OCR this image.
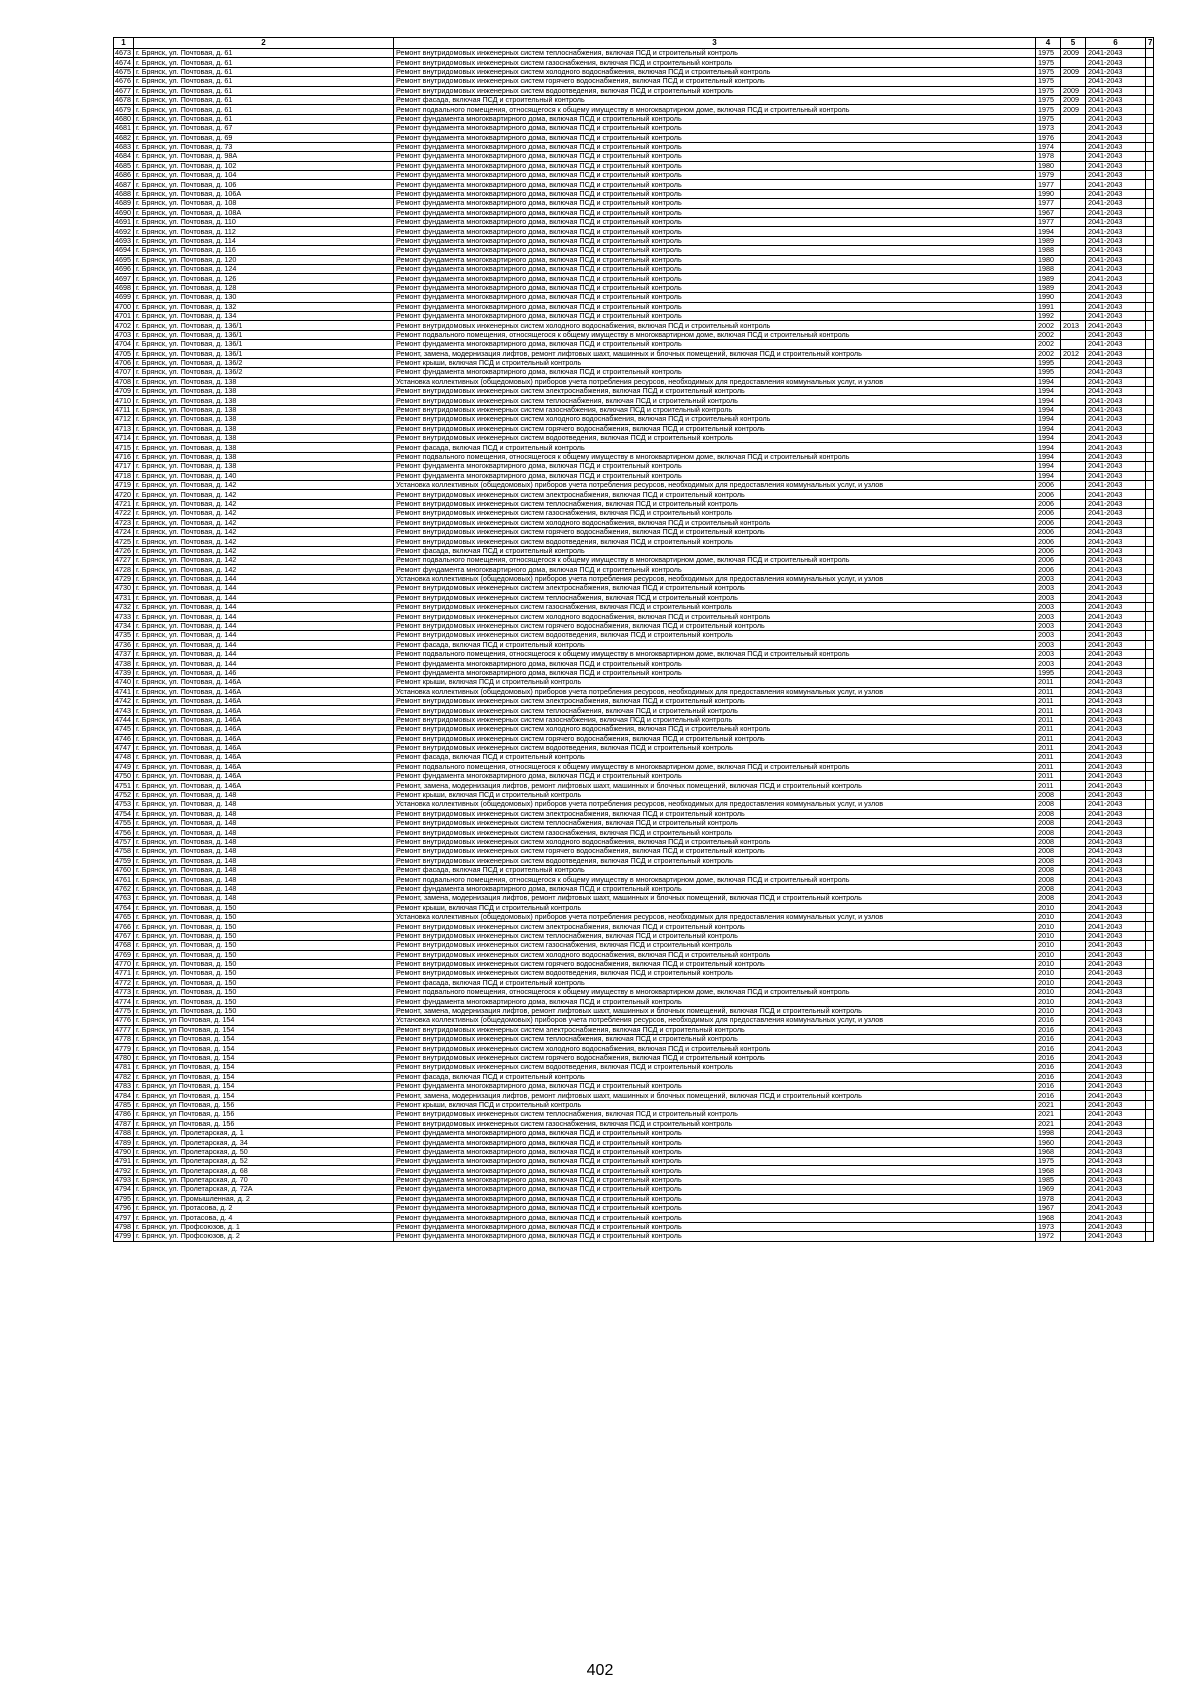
1	2	3	4	5	6	7
4673	г. Брянск, ул. Почтовая, д. 61	Ремонт внутридомовых инженерных систем теплоснабжения, включая ПСД и строительный контроль	1975	2009	2041-2043	
4674	г. Брянск, ул. Почтовая, д. 61	Ремонт внутридомовых инженерных систем газоснабжения, включая ПСД и строительный контроль	1975		2041-2043	
4675	г. Брянск, ул. Почтовая, д. 61	Ремонт внутридомовых инженерных систем холодного водоснабжения, включая ПСД и строительный контроль	1975	2009	2041-2043	
4676	г. Брянск, ул. Почтовая, д. 61	Ремонт внутридомовых инженерных систем горячего водоснабжения, включая ПСД и строительный контроль	1975		2041-2043	
4677	г. Брянск, ул. Почтовая, д. 61	Ремонт внутридомовых инженерных систем водоотведения, включая ПСД и строительный контроль	1975	2009	2041-2043	
4678	г. Брянск, ул. Почтовая, д. 61	Ремонт фасада, включая ПСД и строительный контроль	1975	2009	2041-2043	
4679	г. Брянск, ул. Почтовая, д. 61	Ремонт подвального помещения, относящегося к общему имуществу в многоквартирном доме, включая ПСД и строительный контроль	1975	2009	2041-2043	
4680	г. Брянск, ул. Почтовая, д. 61	Ремонт фундамента многоквартирного дома, включая ПСД и строительный контроль	1975		2041-2043	
4681	г. Брянск, ул. Почтовая, д. 67	Ремонт фундамента многоквартирного дома, включая ПСД и строительный контроль	1973		2041-2043	
4682	г. Брянск, ул. Почтовая, д. 69	Ремонт фундамента многоквартирного дома, включая ПСД и строительный контроль	1976		2041-2043	
4683	г. Брянск, ул. Почтовая, д. 73	Ремонт фундамента многоквартирного дома, включая ПСД и строительный контроль	1974		2041-2043	
4684	г. Брянск, ул. Почтовая, д. 98А	Ремонт фундамента многоквартирного дома, включая ПСД и строительный контроль	1978		2041-2043	
4685	г. Брянск, ул. Почтовая, д. 102	Ремонт фундамента многоквартирного дома, включая ПСД и строительный контроль	1980		2041-2043	
4686	г. Брянск, ул. Почтовая, д. 104	Ремонт фундамента многоквартирного дома, включая ПСД и строительный контроль	1979		2041-2043	
4687	г. Брянск, ул. Почтовая, д. 106	Ремонт фундамента многоквартирного дома, включая ПСД и строительный контроль	1977		2041-2043	
4688	г. Брянск, ул. Почтовая, д. 106А	Ремонт фундамента многоквартирного дома, включая ПСД и строительный контроль	1990		2041-2043	
4689	г. Брянск, ул. Почтовая, д. 108	Ремонт фундамента многоквартирного дома, включая ПСД и строительный контроль	1977		2041-2043	
4690	г. Брянск, ул. Почтовая, д. 108А	Ремонт фундамента многоквартирного дома, включая ПСД и строительный контроль	1967		2041-2043	
4691	г. Брянск, ул. Почтовая, д. 110	Ремонт фундамента многоквартирного дома, включая ПСД и строительный контроль	1977		2041-2043	
4692	г. Брянск, ул. Почтовая, д. 112	Ремонт фундамента многоквартирного дома, включая ПСД и строительный контроль	1994		2041-2043	
4693	г. Брянск, ул. Почтовая, д. 114	Ремонт фундамента многоквартирного дома, включая ПСД и строительный контроль	1989		2041-2043	
4694	г. Брянск, ул. Почтовая, д. 116	Ремонт фундамента многоквартирного дома, включая ПСД и строительный контроль	1988		2041-2043	
4695	г. Брянск, ул. Почтовая, д. 120	Ремонт фундамента многоквартирного дома, включая ПСД и строительный контроль	1980		2041-2043	
4696	г. Брянск, ул. Почтовая, д. 124	Ремонт фундамента многоквартирного дома, включая ПСД и строительный контроль	1988		2041-2043	
4697	г. Брянск, ул. Почтовая, д. 126	Ремонт фундамента многоквартирного дома, включая ПСД и строительный контроль	1989		2041-2043	
4698	г. Брянск, ул. Почтовая, д. 128	Ремонт фундамента многоквартирного дома, включая ПСД и строительный контроль	1989		2041-2043	
4699	г. Брянск, ул. Почтовая, д. 130	Ремонт фундамента многоквартирного дома, включая ПСД и строительный контроль	1990		2041-2043	
4700	г. Брянск, ул. Почтовая, д. 132	Ремонт фундамента многоквартирного дома, включая ПСД и строительный контроль	1991		2041-2043	
4701	г. Брянск, ул. Почтовая, д. 134	Ремонт фундамента многоквартирного дома, включая ПСД и строительный контроль	1992		2041-2043	
4702	г. Брянск, ул. Почтовая, д. 136/1	Ремонт внутридомовых инженерных систем холодного водоснабжения, включая ПСД и строительный контроль	2002	2013	2041-2043	
4703	г. Брянск, ул. Почтовая, д. 136/1	Ремонт подвального помещения, относящегося к общему имуществу в многоквартирном доме, включая ПСД и строительный контроль	2002		2041-2043	
4704	г. Брянск, ул. Почтовая, д. 136/1	Ремонт фундамента многоквартирного дома, включая ПСД и строительный контроль	2002		2041-2043	
4705	г. Брянск, ул. Почтовая, д. 136/1	Ремонт, замена, модернизация лифтов, ремонт лифтовых шахт, машинных и блочных помещений, включая ПСД и строительный контроль	2002	2012	2041-2043	
4706	г. Брянск, ул. Почтовая, д. 136/2	Ремонт крыши, включая ПСД и строительный контроль	1995		2041-2043	
4707	г. Брянск, ул. Почтовая, д. 136/2	Ремонт фундамента многоквартирного дома, включая ПСД и строительный контроль	1995		2041-2043	
4708	г. Брянск, ул. Почтовая, д. 138	Установка коллективных (общедомовых) приборов учета потребления ресурсов, необходимых для предоставления коммунальных услуг, и узлов	1994		2041-2043	
4709	г. Брянск, ул. Почтовая, д. 138	Ремонт внутридомовых инженерных систем электроснабжения, включая ПСД и строительный контроль	1994		2041-2043	
4710	г. Брянск, ул. Почтовая, д. 138	Ремонт внутридомовых инженерных систем теплоснабжения, включая ПСД и строительный контроль	1994		2041-2043	
4711	г. Брянск, ул. Почтовая, д. 138	Ремонт внутридомовых инженерных систем газоснабжения, включая ПСД и строительный контроль	1994		2041-2043	
4712	г. Брянск, ул. Почтовая, д. 138	Ремонт внутридомовых инженерных систем холодного водоснабжения, включая ПСД и строительный контроль	1994		2041-2043	
4713	г. Брянск, ул. Почтовая, д. 138	Ремонт внутридомовых инженерных систем горячего водоснабжения, включая ПСД и строительный контроль	1994		2041-2043	
4714	г. Брянск, ул. Почтовая, д. 138	Ремонт внутридомовых инженерных систем водоотведения, включая ПСД и строительный контроль	1994		2041-2043	
4715	г. Брянск, ул. Почтовая, д. 138	Ремонт фасада, включая ПСД и строительный контроль	1994		2041-2043	
4716	г. Брянск, ул. Почтовая, д. 138	Ремонт подвального помещения, относящегося к общему имуществу в многоквартирном доме, включая ПСД и строительный контроль	1994		2041-2043	
4717	г. Брянск, ул. Почтовая, д. 138	Ремонт фундамента многоквартирного дома, включая ПСД и строительный контроль	1994		2041-2043	
4718	г. Брянск, ул. Почтовая, д. 140	Ремонт фундамента многоквартирного дома, включая ПСД и строительный контроль	1994		2041-2043	
4719	г. Брянск, ул. Почтовая, д. 142	Установка коллективных (общедомовых) приборов учета потребления ресурсов, необходимых для предоставления коммунальных услуг, и узлов	2006		2041-2043	
4720	г. Брянск, ул. Почтовая, д. 142	Ремонт внутридомовых инженерных систем электроснабжения, включая ПСД и строительный контроль	2006		2041-2043	
4721	г. Брянск, ул. Почтовая, д. 142	Ремонт внутридомовых инженерных систем теплоснабжения, включая ПСД и строительный контроль	2006		2041-2043	
4722	г. Брянск, ул. Почтовая, д. 142	Ремонт внутридомовых инженерных систем газоснабжения, включая ПСД и строительный контроль	2006		2041-2043	
4723	г. Брянск, ул. Почтовая, д. 142	Ремонт внутридомовых инженерных систем холодного водоснабжения, включая ПСД и строительный контроль	2006		2041-2043	
4724	г. Брянск, ул. Почтовая, д. 142	Ремонт внутридомовых инженерных систем горячего водоснабжения, включая ПСД и строительный контроль	2006		2041-2043	
4725	г. Брянск, ул. Почтовая, д. 142	Ремонт внутридомовых инженерных систем водоотведения, включая ПСД и строительный контроль	2006		2041-2043	
4726	г. Брянск, ул. Почтовая, д. 142	Ремонт фасада, включая ПСД и строительный контроль	2006		2041-2043	
4727	г. Брянск, ул. Почтовая, д. 142	Ремонт подвального помещения, относящегося к общему имуществу в многоквартирном доме, включая ПСД и строительный контроль	2006		2041-2043	
4728	г. Брянск, ул. Почтовая, д. 142	Ремонт фундамента многоквартирного дома, включая ПСД и строительный контроль	2006		2041-2043	
4729	г. Брянск, ул. Почтовая, д. 144	Установка коллективных (общедомовых) приборов учета потребления ресурсов, необходимых для предоставления коммунальных услуг, и узлов	2003		2041-2043	
4730	г. Брянск, ул. Почтовая, д. 144	Ремонт внутридомовых инженерных систем электроснабжения, включая ПСД и строительный контроль	2003		2041-2043	
4731	г. Брянск, ул. Почтовая, д. 144	Ремонт внутридомовых инженерных систем теплоснабжения, включая ПСД и строительный контроль	2003		2041-2043	
4732	г. Брянск, ул. Почтовая, д. 144	Ремонт внутридомовых инженерных систем газоснабжения, включая ПСД и строительный контроль	2003		2041-2043	
4733	г. Брянск, ул. Почтовая, д. 144	Ремонт внутридомовых инженерных систем холодного водоснабжения, включая ПСД и строительный контроль	2003		2041-2043	
4734	г. Брянск, ул. Почтовая, д. 144	Ремонт внутридомовых инженерных систем горячего водоснабжения, включая ПСД и строительный контроль	2003		2041-2043	
4735	г. Брянск, ул. Почтовая, д. 144	Ремонт внутридомовых инженерных систем водоотведения, включая ПСД и строительный контроль	2003		2041-2043	
4736	г. Брянск, ул. Почтовая, д. 144	Ремонт фасада, включая ПСД и строительный контроль	2003		2041-2043	
4737	г. Брянск, ул. Почтовая, д. 144	Ремонт подвального помещения, относящегося к общему имуществу в многоквартирном доме, включая ПСД и строительный контроль	2003		2041-2043	
4738	г. Брянск, ул. Почтовая, д. 144	Ремонт фундамента многоквартирного дома, включая ПСД и строительный контроль	2003		2041-2043	
4739	г. Брянск, ул. Почтовая, д. 146	Ремонт фундамента многоквартирного дома, включая ПСД и строительный контроль	1995		2041-2043	
4740	г. Брянск, ул. Почтовая, д. 146А	Ремонт крыши, включая ПСД и строительный контроль	2011		2041-2043	
4741	г. Брянск, ул. Почтовая, д. 146А	Установка коллективных (общедомовых) приборов учета потребления ресурсов, необходимых для предоставления коммунальных услуг, и узлов	2011		2041-2043	
4742	г. Брянск, ул. Почтовая, д. 146А	Ремонт внутридомовых инженерных систем электроснабжения, включая ПСД и строительный контроль	2011		2041-2043	
4743	г. Брянск, ул. Почтовая, д. 146А	Ремонт внутридомовых инженерных систем теплоснабжения, включая ПСД и строительный контроль	2011		2041-2043	
4744	г. Брянск, ул. Почтовая, д. 146А	Ремонт внутридомовых инженерных систем газоснабжения, включая ПСД и строительный контроль	2011		2041-2043	
4745	г. Брянск, ул. Почтовая, д. 146А	Ремонт внутридомовых инженерных систем холодного водоснабжения, включая ПСД и строительный контроль	2011		2041-2043	
4746	г. Брянск, ул. Почтовая, д. 146А	Ремонт внутридомовых инженерных систем горячего водоснабжения, включая ПСД и строительный контроль	2011		2041-2043	
4747	г. Брянск, ул. Почтовая, д. 146А	Ремонт внутридомовых инженерных систем водоотведения, включая ПСД и строительный контроль	2011		2041-2043	
4748	г. Брянск, ул. Почтовая, д. 146А	Ремонт фасада, включая ПСД и строительный контроль	2011		2041-2043	
4749	г. Брянск, ул. Почтовая, д. 146А	Ремонт подвального помещения, относящегося к общему имуществу в многоквартирном доме, включая ПСД и строительный контроль	2011		2041-2043	
4750	г. Брянск, ул. Почтовая, д. 146А	Ремонт фундамента многоквартирного дома, включая ПСД и строительный контроль	2011		2041-2043	
4751	г. Брянск, ул. Почтовая, д. 146А	Ремонт, замена, модернизация лифтов, ремонт лифтовых шахт, машинных и блочных помещений, включая ПСД и строительный контроль	2011		2041-2043	
4752	г. Брянск, ул. Почтовая, д. 148	Ремонт крыши, включая ПСД и строительный контроль	2008		2041-2043	
4753	г. Брянск, ул. Почтовая, д. 148	Установка коллективных (общедомовых) приборов учета потребления ресурсов, необходимых для предоставления коммунальных услуг, и узлов	2008		2041-2043	
4754	г. Брянск, ул. Почтовая, д. 148	Ремонт внутридомовых инженерных систем электроснабжения, включая ПСД и строительный контроль	2008		2041-2043	
4755	г. Брянск, ул. Почтовая, д. 148	Ремонт внутридомовых инженерных систем теплоснабжения, включая ПСД и строительный контроль	2008		2041-2043	
4756	г. Брянск, ул. Почтовая, д. 148	Ремонт внутридомовых инженерных систем газоснабжения, включая ПСД и строительный контроль	2008		2041-2043	
4757	г. Брянск, ул. Почтовая, д. 148	Ремонт внутридомовых инженерных систем холодного водоснабжения, включая ПСД и строительный контроль	2008		2041-2043	
4758	г. Брянск, ул. Почтовая, д. 148	Ремонт внутридомовых инженерных систем горячего водоснабжения, включая ПСД и строительный контроль	2008		2041-2043	
4759	г. Брянск, ул. Почтовая, д. 148	Ремонт внутридомовых инженерных систем водоотведения, включая ПСД и строительный контроль	2008		2041-2043	
4760	г. Брянск, ул. Почтовая, д. 148	Ремонт фасада, включая ПСД и строительный контроль	2008		2041-2043	
4761	г. Брянск, ул. Почтовая, д. 148	Ремонт подвального помещения, относящегося к общему имуществу в многоквартирном доме, включая ПСД и строительный контроль	2008		2041-2043	
4762	г. Брянск, ул. Почтовая, д. 148	Ремонт фундамента многоквартирного дома, включая ПСД и строительный контроль	2008		2041-2043	
4763	г. Брянск, ул. Почтовая, д. 148	Ремонт, замена, модернизация лифтов, ремонт лифтовых шахт, машинных и блочных помещений, включая ПСД и строительный контроль	2008		2041-2043	
4764	г. Брянск, ул. Почтовая, д. 150	Ремонт крыши, включая ПСД и строительный контроль	2010		2041-2043	
4765	г. Брянск, ул. Почтовая, д. 150	Установка коллективных (общедомовых) приборов учета потребления ресурсов, необходимых для предоставления коммунальных услуг, и узлов	2010		2041-2043	
4766	г. Брянск, ул. Почтовая, д. 150	Ремонт внутридомовых инженерных систем электроснабжения, включая ПСД и строительный контроль	2010		2041-2043	
4767	г. Брянск, ул. Почтовая, д. 150	Ремонт внутридомовых инженерных систем теплоснабжения, включая ПСД и строительный контроль	2010		2041-2043	
4768	г. Брянск, ул. Почтовая, д. 150	Ремонт внутридомовых инженерных систем газоснабжения, включая ПСД и строительный контроль	2010		2041-2043	
4769	г. Брянск, ул. Почтовая, д. 150	Ремонт внутридомовых инженерных систем холодного водоснабжения, включая ПСД и строительный контроль	2010		2041-2043	
4770	г. Брянск, ул. Почтовая, д. 150	Ремонт внутридомовых инженерных систем горячего водоснабжения, включая ПСД и строительный контроль	2010		2041-2043	
4771	г. Брянск, ул. Почтовая, д. 150	Ремонт внутридомовых инженерных систем водоотведения, включая ПСД и строительный контроль	2010		2041-2043	
4772	г. Брянск, ул. Почтовая, д. 150	Ремонт фасада, включая ПСД и строительный контроль	2010		2041-2043	
4773	г. Брянск, ул. Почтовая, д. 150	Ремонт подвального помещения, относящегося к общему имуществу в многоквартирном доме, включая ПСД и строительный контроль	2010		2041-2043	
4774	г. Брянск, ул. Почтовая, д. 150	Ремонт фундамента многоквартирного дома, включая ПСД и строительный контроль	2010		2041-2043	
4775	г. Брянск, ул. Почтовая, д. 150	Ремонт, замена, модернизация лифтов, ремонт лифтовых шахт, машинных и блочных помещений, включая ПСД и строительный контроль	2010		2041-2043	
4776	г. Брянск, ул Почтовая, д. 154	Установка коллективных (общедомовых) приборов учета потребления ресурсов, необходимых для предоставления коммунальных услуг, и узлов	2016		2041-2043	
4777	г. Брянск, ул Почтовая, д. 154	Ремонт внутридомовых инженерных систем электроснабжения, включая ПСД и строительный контроль	2016		2041-2043	
4778	г. Брянск, ул Почтовая, д. 154	Ремонт внутридомовых инженерных систем теплоснабжения, включая ПСД и строительный контроль	2016		2041-2043	
4779	г. Брянск, ул Почтовая, д. 154	Ремонт внутридомовых инженерных систем холодного водоснабжения, включая ПСД и строительный контроль	2016		2041-2043	
4780	г. Брянск, ул Почтовая, д. 154	Ремонт внутридомовых инженерных систем горячего водоснабжения, включая ПСД и строительный контроль	2016		2041-2043	
4781	г. Брянск, ул Почтовая, д. 154	Ремонт внутридомовых инженерных систем водоотведения, включая ПСД и строительный контроль	2016		2041-2043	
4782	г. Брянск, ул Почтовая, д. 154	Ремонт фасада, включая ПСД и строительный контроль	2016		2041-2043	
4783	г. Брянск, ул Почтовая, д. 154	Ремонт фундамента многоквартирного дома, включая ПСД и строительный контроль	2016		2041-2043	
4784	г. Брянск, ул Почтовая, д. 154	Ремонт, замена, модернизация лифтов, ремонт лифтовых шахт, машинных и блочных помещений, включая ПСД и строительный контроль	2016		2041-2043	
4785	г. Брянск, ул Почтовая, д. 156	Ремонт крыши, включая ПСД и строительный контроль	2021		2041-2043	
4786	г. Брянск, ул Почтовая, д. 156	Ремонт внутридомовых инженерных систем теплоснабжения, включая ПСД и строительный контроль	2021		2041-2043	
4787	г. Брянск, ул Почтовая, д. 156	Ремонт внутридомовых инженерных систем газоснабжения, включая ПСД и строительный контроль	2021		2041-2043	
4788	г. Брянск, ул. Пролетарская, д. 1	Ремонт фундамента многоквартирного дома, включая ПСД и строительный контроль	1998		2041-2043	
4789	г. Брянск, ул. Пролетарская, д. 34	Ремонт фундамента многоквартирного дома, включая ПСД и строительный контроль	1960		2041-2043	
4790	г. Брянск, ул. Пролетарская, д. 50	Ремонт фундамента многоквартирного дома, включая ПСД и строительный контроль	1968		2041-2043	
4791	г. Брянск, ул. Пролетарская, д. 52	Ремонт фундамента многоквартирного дома, включая ПСД и строительный контроль	1975		2041-2043	
4792	г. Брянск, ул. Пролетарская, д. 68	Ремонт фундамента многоквартирного дома, включая ПСД и строительный контроль	1968		2041-2043	
4793	г. Брянск, ул. Пролетарская, д. 70	Ремонт фундамента многоквартирного дома, включая ПСД и строительный контроль	1985		2041-2043	
4794	г. Брянск, ул. Пролетарская, д. 72А	Ремонт фундамента многоквартирного дома, включая ПСД и строительный контроль	1969		2041-2043	
4795	г. Брянск, ул. Промышленная, д. 2	Ремонт фундамента многоквартирного дома, включая ПСД и строительный контроль	1978		2041-2043	
4796	г. Брянск, ул. Протасова, д. 2	Ремонт фундамента многоквартирного дома, включая ПСД и строительный контроль	1967		2041-2043	
4797	г. Брянск, ул. Протасова, д. 4	Ремонт фундамента многоквартирного дома, включая ПСД и строительный контроль	1968		2041-2043	
4798	г. Брянск, ул. Профсоюзов, д. 1	Ремонт фундамента многоквартирного дома, включая ПСД и строительный контроль	1973		2041-2043	
4799	г. Брянск, ул. Профсоюзов, д. 2	Ремонт фундамента многоквартирного дома, включая ПСД и строительный контроль	1972		2041-2043	
402
